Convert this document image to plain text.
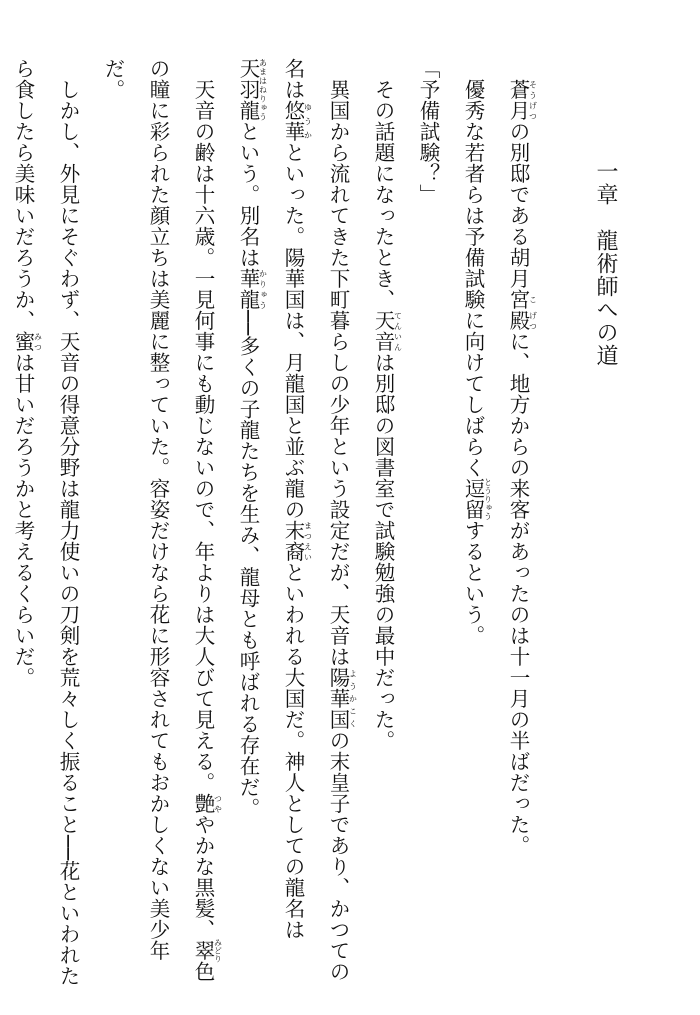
一章　龍術師への道

蒼月そうげつの別邸である胡月宮こ殿げつに、地方からの来客があったのは十一月の半ばだった。

優秀な若者らは予備試験に向けてしばらく逗留とうりゅうするという。

「予備試験？」

その話題になったとき、天音てんいんは別邸の図書室で試験勉強の最中だった。

異国から流れてきた下町暮らしの少年という設定だが、天音は陽華国ようかこくの末皇子であり、かつての名は悠華ゆうかといった。陽華国は、月龍国と並ぶ龍の末裔まつえいといわれる大国だ。神人としての龍名は天羽龍あまはねりゅうという。別名は華龍かりゅう──多くの子龍たちを生み、龍母とも呼ばれる存在だ。

天音の齢は十六歳。一見何事にも動じないので、年よりは大人びて見える。艶つややかな黒髪、翠みどり色の瞳に彩られた顔立ちは美麗に整っていた。容姿だけなら花に形容されてもおかしくない美少年だ。

しかし、外見にそぐわず、天音の得意分野は龍力使いの刀剣を荒々しく振ること──花といわれたら食したら美味いだろうか、蜜みつは甘いだろうかと考えるくらいだ。
